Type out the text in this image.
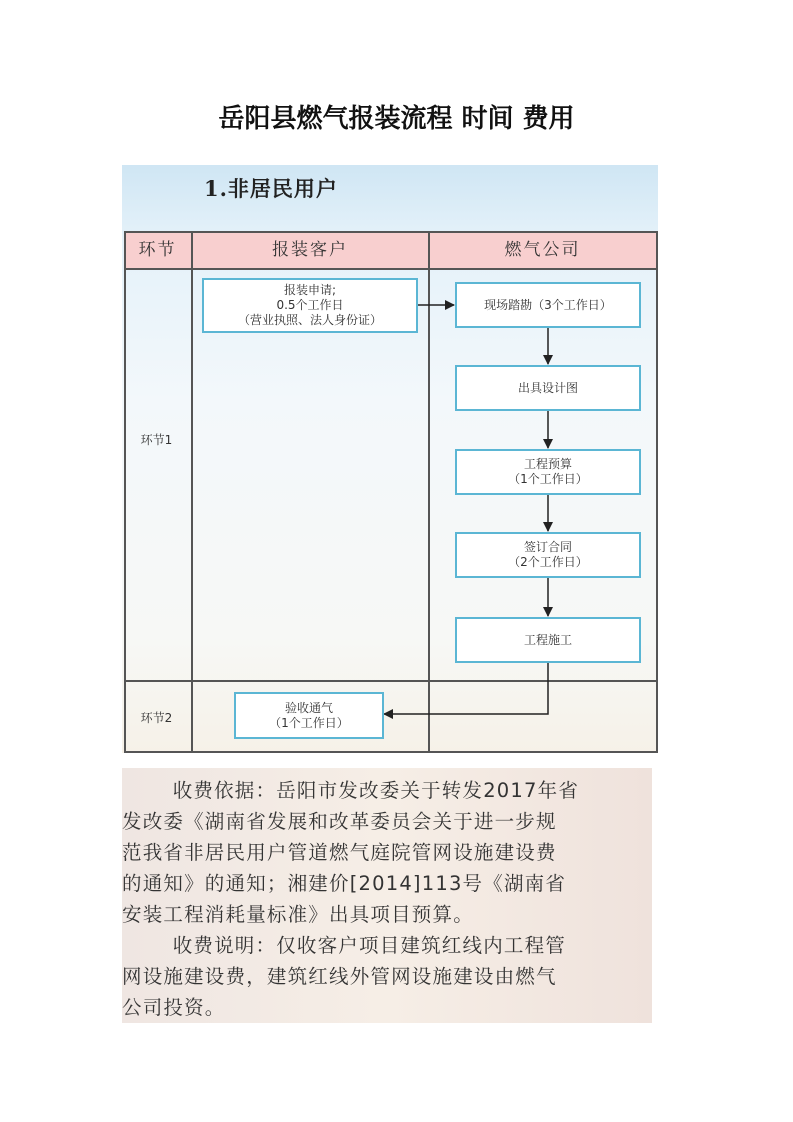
岳阳县燃气报装流程 时间 费用
1.非居民用户
环节	报装客户	燃气公司
环节1
环节2
报装申请;
0.5个工作日
（营业执照、法人身份证）
现场踏勘（3个工作日）
出具设计图
工程预算
（1个工作日）
签订合同
（2个工作日）
工程施工
验收通气
（1个工作日）

收费依据：岳阳市发改委关于转发2017年省

发改委《湖南省发展和改革委员会关于进一步规

范我省非居民用户管道燃气庭院管网设施建设费

的通知》的通知；湘建价[2014]113号《湖南省

安装工程消耗量标准》出具项目预算。

收费说明：仅收客户项目建筑红线内工程管

网设施建设费，建筑红线外管网设施建设由燃气

公司投资。
